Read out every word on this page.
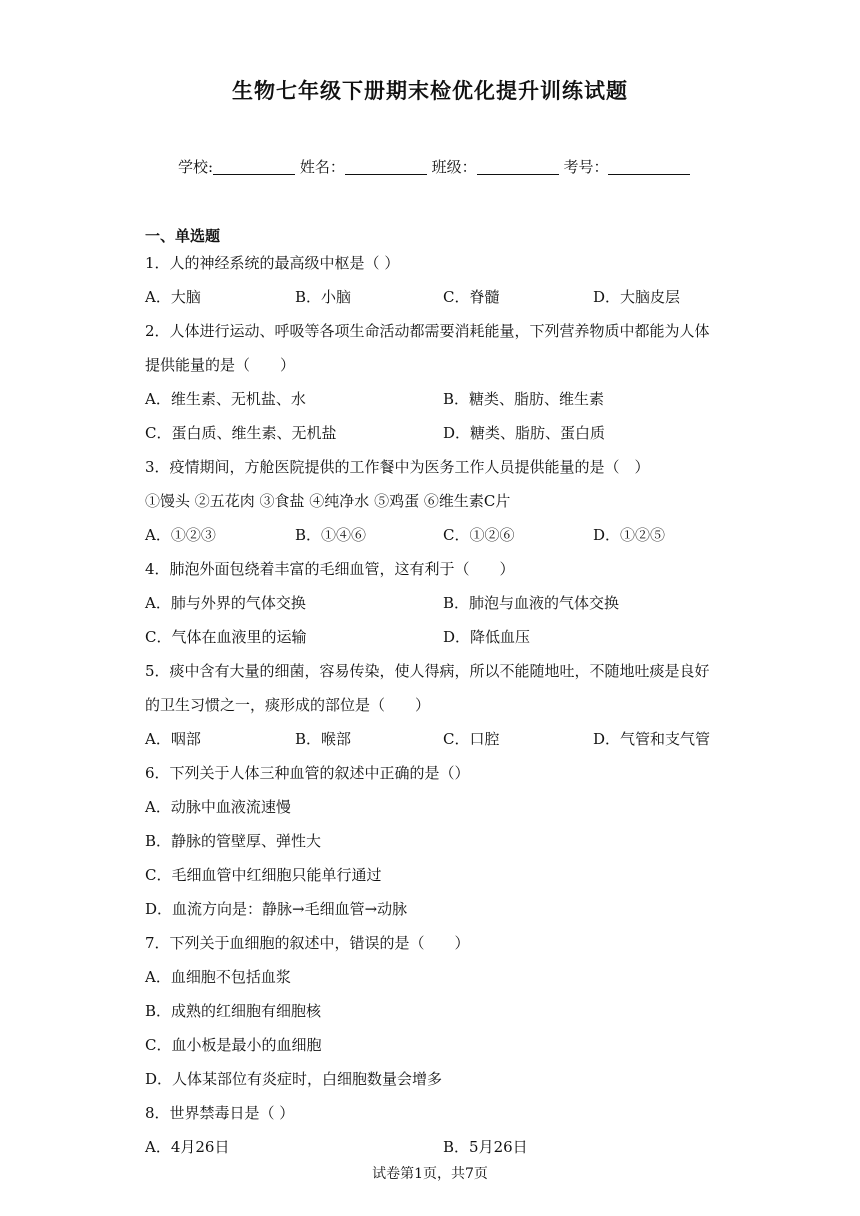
生物七年级下册期末检优化提升训练试题
学校:	姓名：	班级：	考号：
一、单选题
1．人的神经系统的最高级中枢是（ ）
A．大脑	B．小脑	C．脊髓	D．大脑皮层
2．人体进行运动、呼吸等各项生命活动都需要消耗能量，下列营养物质中都能为人体
提供能量的是（　　）
A．维生素、无机盐、水	B．糖类、脂肪、维生素
C．蛋白质、维生素、无机盐	D．糖类、脂肪、蛋白质
3．疫情期间，方舱医院提供的工作餐中为医务工作人员提供能量的是（　）
①馒头 ②五花肉 ③食盐 ④纯净水 ⑤鸡蛋 ⑥维生素C片
A．①②③	B．①④⑥	C．①②⑥	D．①②⑤
4．肺泡外面包绕着丰富的毛细血管，这有利于（　　）
A．肺与外界的气体交换	B．肺泡与血液的气体交换
C．气体在血液里的运输	D．降低血压
5．痰中含有大量的细菌，容易传染，使人得病，所以不能随地吐，不随地吐痰是良好
的卫生习惯之一，痰形成的部位是（　　）
A．咽部	B．喉部	C．口腔	D．气管和支气管
6．下列关于人体三种血管的叙述中正确的是（）
A．动脉中血液流速慢
B．静脉的管壁厚、弹性大
C．毛细血管中红细胞只能单行通过
D．血流方向是：静脉→毛细血管→动脉
7．下列关于血细胞的叙述中，错误的是（　　）
A．血细胞不包括血浆
B．成熟的红细胞有细胞核
C．血小板是最小的血细胞
D．人体某部位有炎症时，白细胞数量会增多
8．世界禁毒日是（ ）
A．4月26日	B．5月26日
试卷第1页，共7页
